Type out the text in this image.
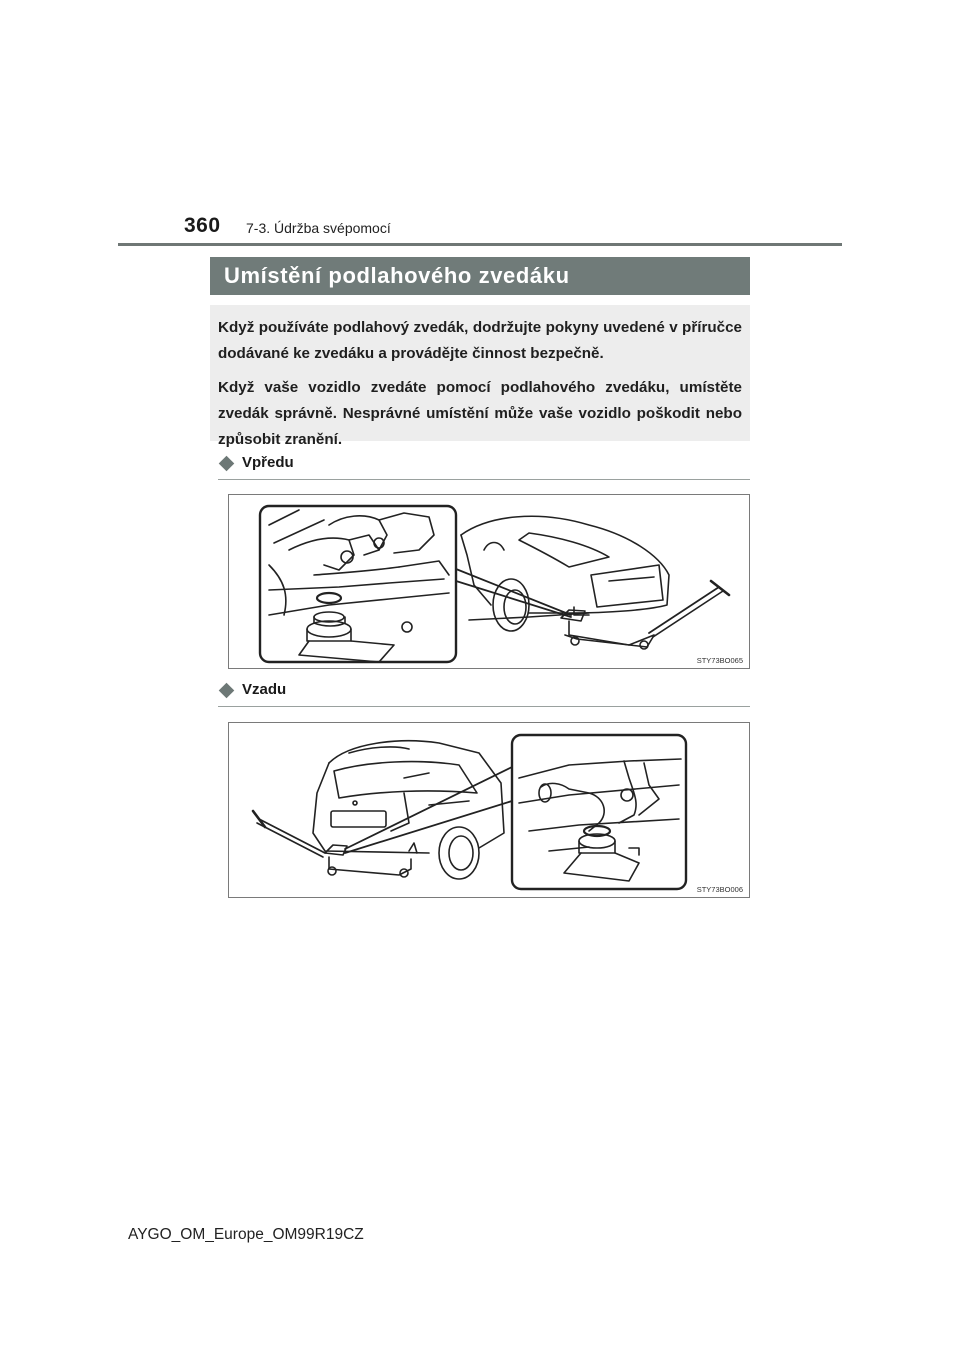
360 7-3. Údržba svépomocí
Umístění podlahového zvedáku

Když používáte podlahový zvedák, dodržujte pokyny uvedené v příručce dodávané ke zvedáku a provádějte činnost bezpečně.

Když vaše vozidlo zvedáte pomocí podlahového zvedáku, umístěte zvedák správně. Nesprávné umístění může vaše vozidlo poškodit nebo způsobit zranění.

Vpředu
STY73BO065
Vzadu
STY73BO006
AYGO_OM_Europe_OM99R19CZ
